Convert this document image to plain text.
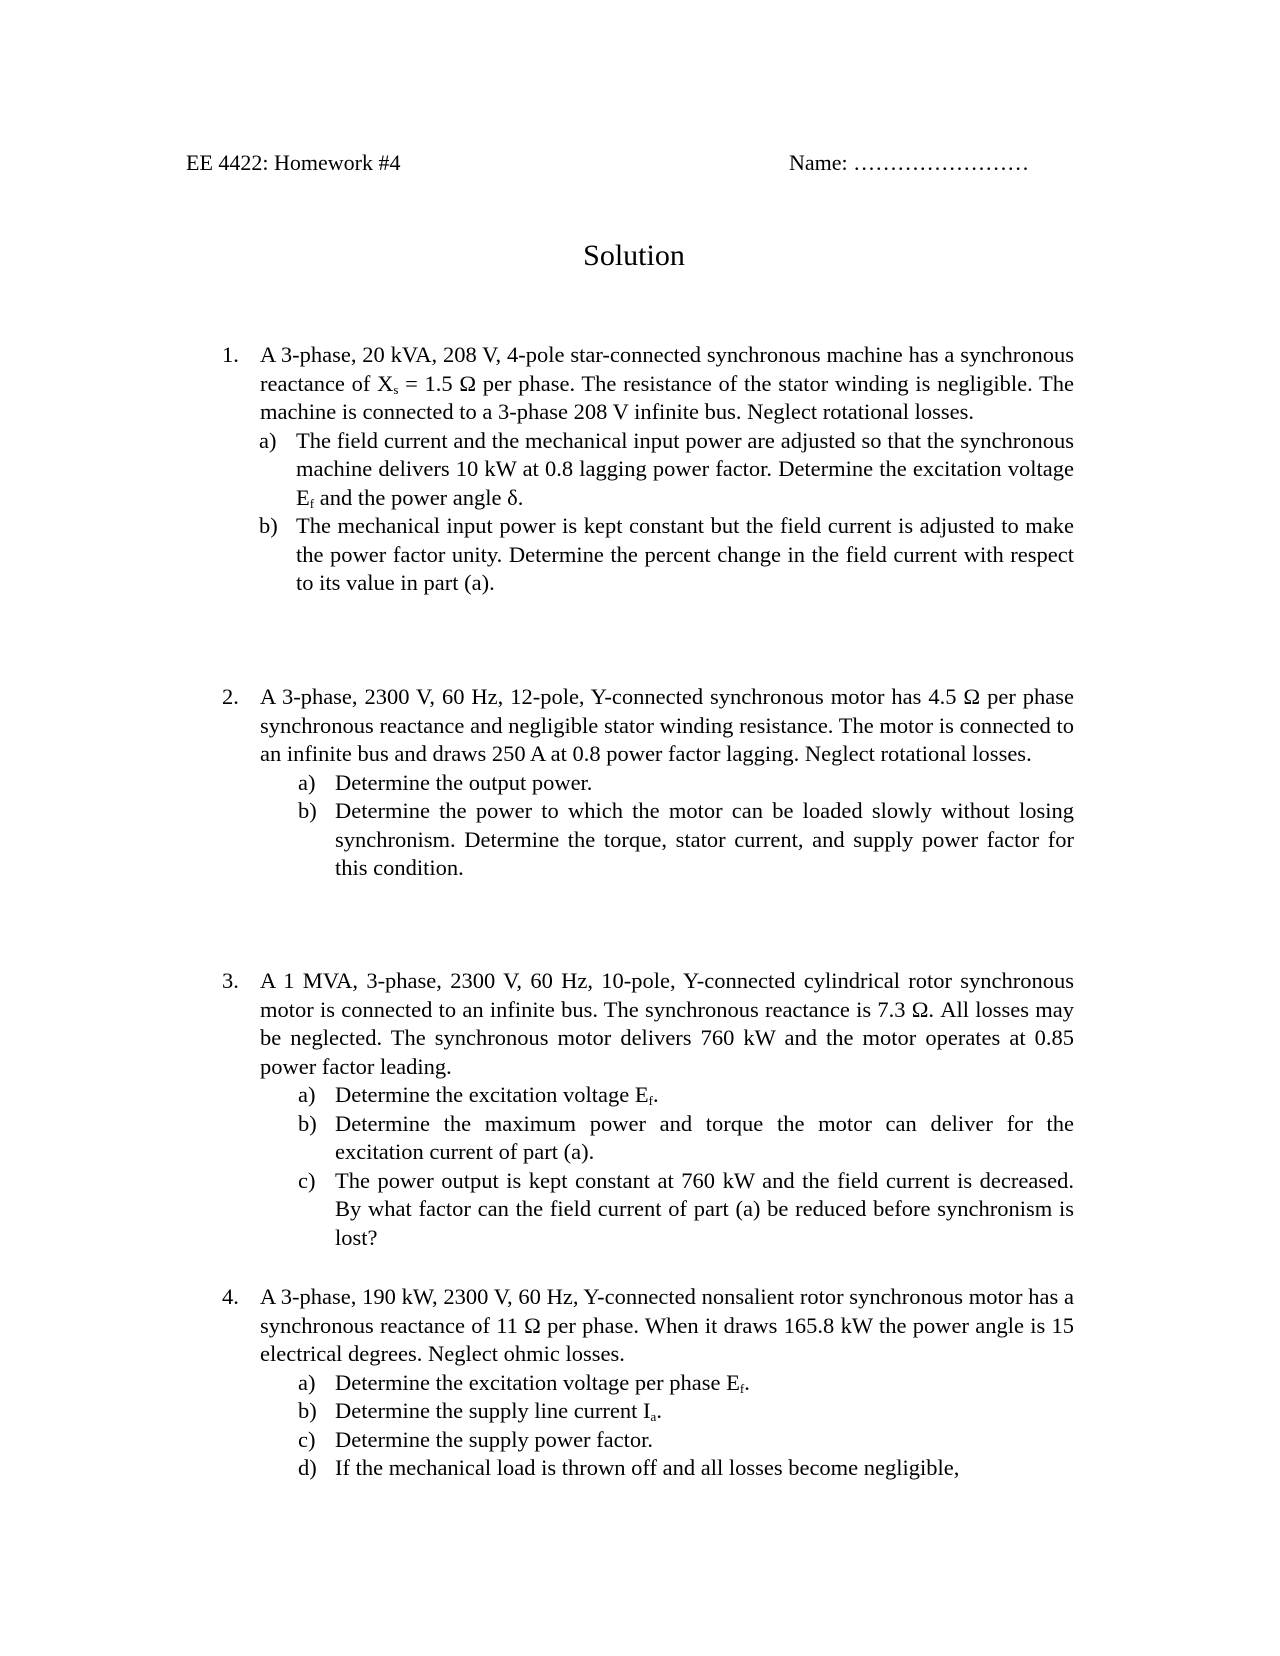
EE 4422: Homework #4	Name: ……………………
Solution
1. A 3-phase, 20 kVA, 208 V, 4-pole star-connected synchronous machine has a synchronous reactance of Xs = 1.5 Ω per phase. The resistance of the stator winding is negligible. The machine is connected to a 3-phase 208 V infinite bus. Neglect rotational losses.
a) The field current and the mechanical input power are adjusted so that the synchronous machine delivers 10 kW at 0.8 lagging power factor. Determine the excitation voltage Ef and the power angle δ.
b) The mechanical input power is kept constant but the field current is adjusted to make the power factor unity. Determine the percent change in the field current with respect to its value in part (a).
2. A 3-phase, 2300 V, 60 Hz, 12-pole, Y-connected synchronous motor has 4.5 Ω per phase synchronous reactance and negligible stator winding resistance. The motor is connected to an infinite bus and draws 250 A at 0.8 power factor lagging. Neglect rotational losses.
a) Determine the output power.
b) Determine the power to which the motor can be loaded slowly without losing synchronism. Determine the torque, stator current, and supply power factor for this condition.
3. A 1 MVA, 3-phase, 2300 V, 60 Hz, 10-pole, Y-connected cylindrical rotor synchronous motor is connected to an infinite bus. The synchronous reactance is 7.3 Ω. All losses may be neglected. The synchronous motor delivers 760 kW and the motor operates at 0.85 power factor leading.
a) Determine the excitation voltage Ef.
b) Determine the maximum power and torque the motor can deliver for the excitation current of part (a).
c) The power output is kept constant at 760 kW and the field current is decreased. By what factor can the field current of part (a) be reduced before synchronism is lost?
4. A 3-phase, 190 kW, 2300 V, 60 Hz, Y-connected nonsalient rotor synchronous motor has a synchronous reactance of 11 Ω per phase. When it draws 165.8 kW the power angle is 15 electrical degrees. Neglect ohmic losses.
a) Determine the excitation voltage per phase Ef.
b) Determine the supply line current Ia.
c) Determine the supply power factor.
d) If the mechanical load is thrown off and all losses become negligible,
